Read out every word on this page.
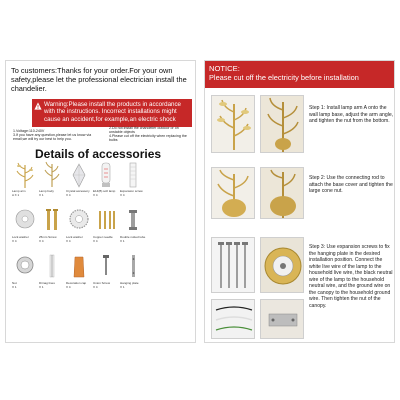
To customers:Thanks for your order.For your own safety,please let the professional electrician install the chandelier.
Warning:Please install the products in accordance with the instructions. Incorrect installations might cause an accident,for example,an electric shock
1.Voltage:110-240V
2.Do not install the chandelier outdoor or on unstable objects
3.If you have any question,please let us know via email,we will try our best to help you.
4.Please cut off the electricity when replacing the bulbs
Details of accessories
Lamp arm
A X 1
Lamp body
X 1
Crystal accessory
X 4
E14(B) soft lamp
X 4
Expansion screw
X 4
Lock washer
X 4
25mm Screw
X 4
Lock washer
X 4
Copper needle
X 4
Double nutted tube
X 1
Nut
X 1
Drinag lines
X 1
Decoration cap
X 4
Union Screw
X 4
Hanging plate
X 1
NOTICE:
Please cut off the electricity before installation
Step 1: Install lamp arm A onto the wall lamp base, adjust the arm angle, and tighten the nut from the bottom.
Step 2: Use the connecting rod to attach the base cover and tighten the large cone nut.
Step 3: Use expansion screws to fix the hanging plate in the desired installation position. Connect the white live wire of the lamp to the household live wire, the black neutral wire of the lamp to the household neutral wire, and the ground wire on the canopy to the household ground wire. Then tighten the nut of the canopy.
